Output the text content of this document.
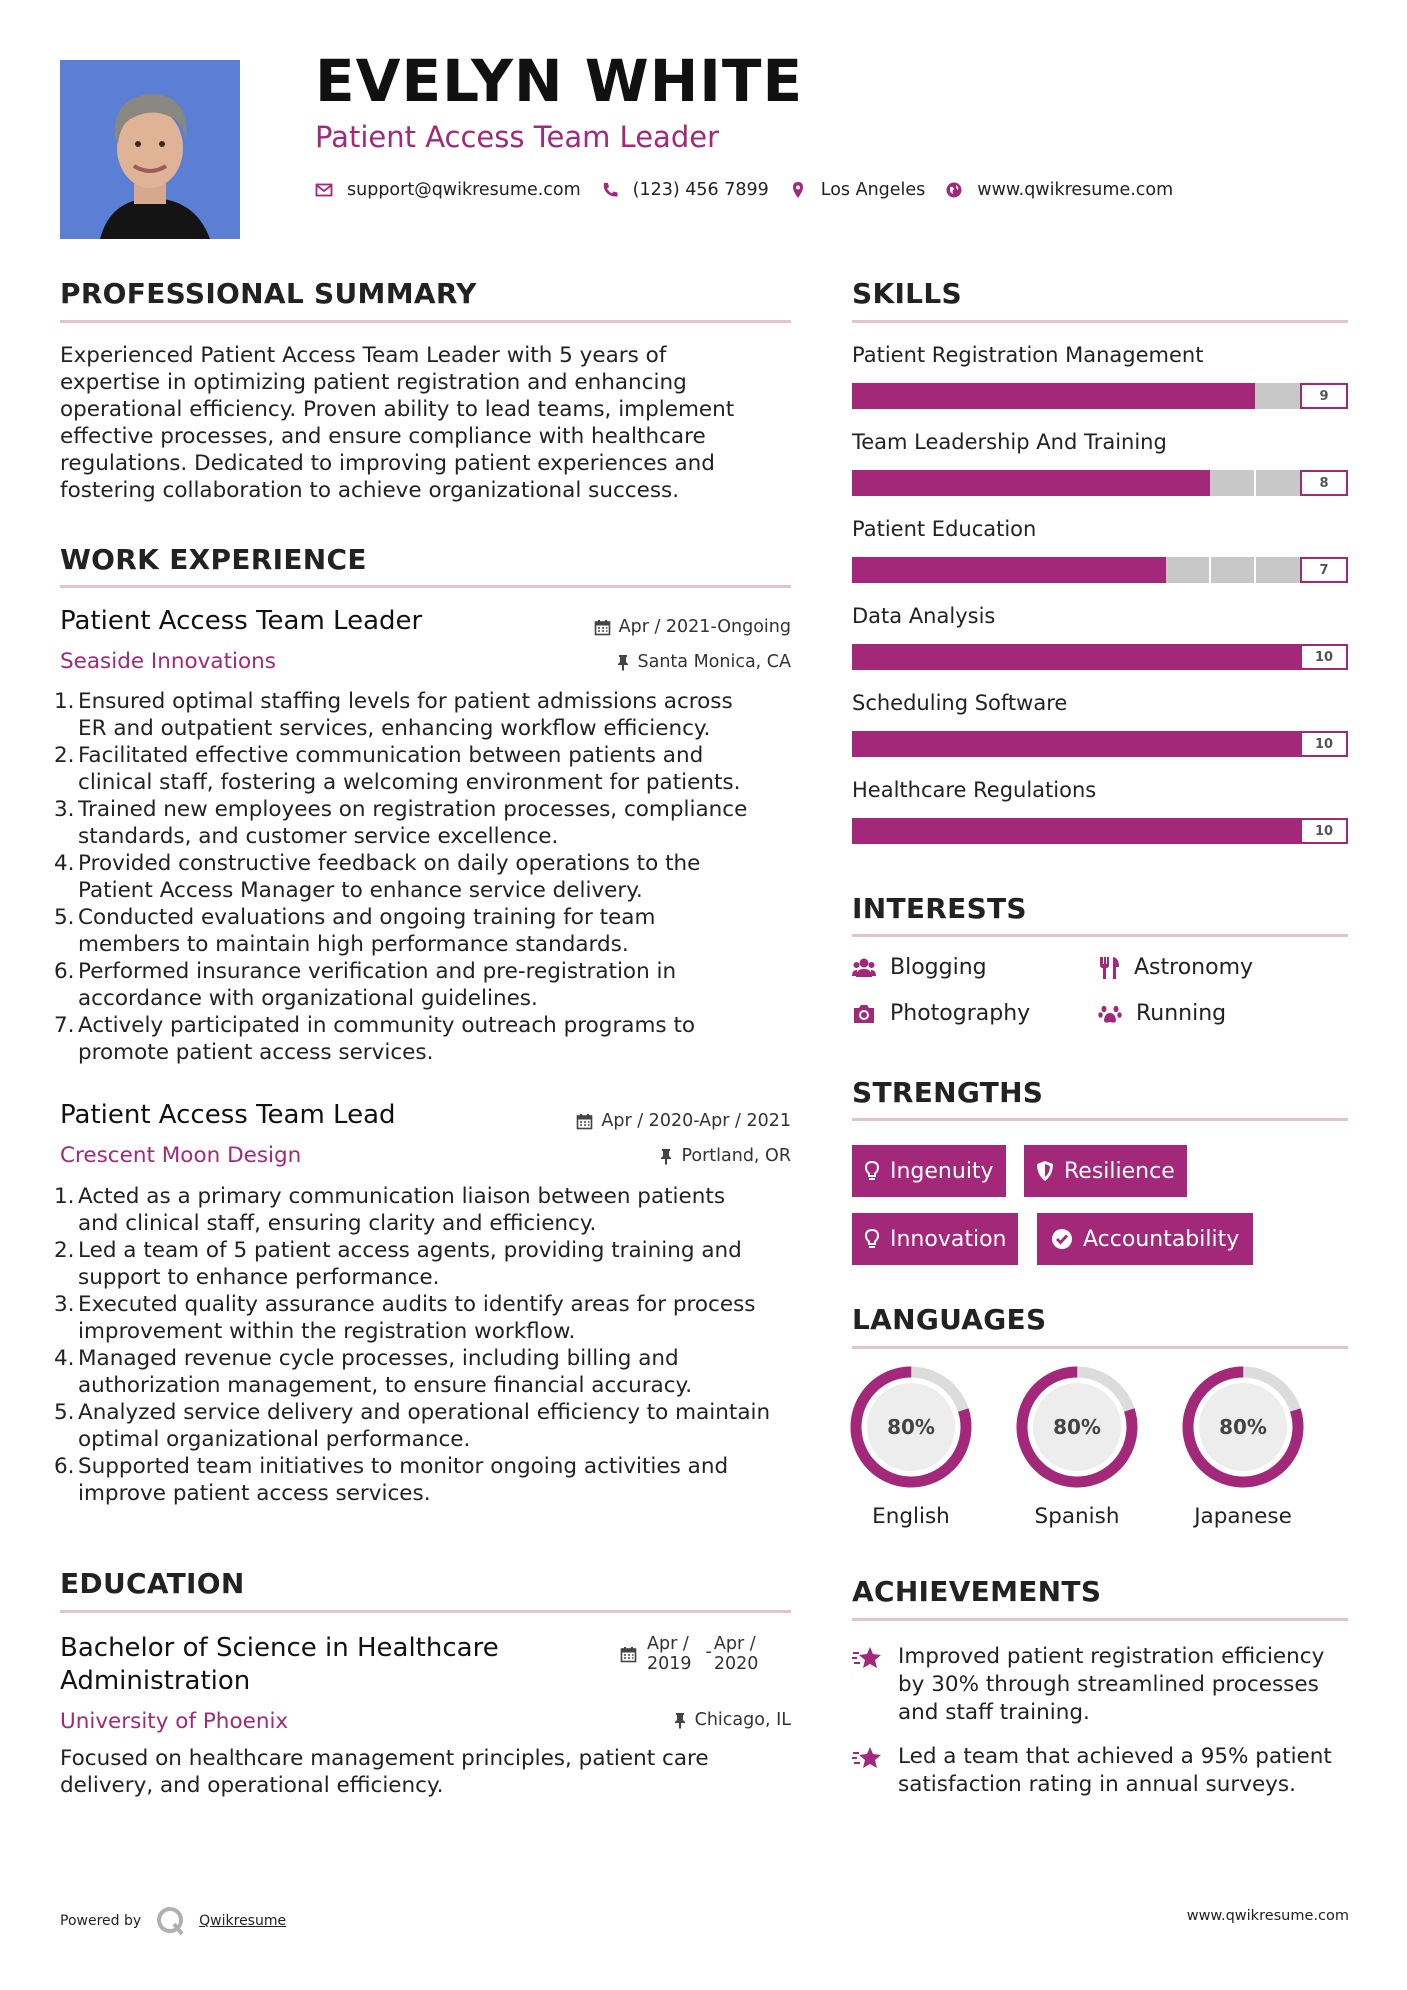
EVELYN WHITE
Patient Access Team Leader
support@qwikresume.com	(123) 456 7899	Los Angeles	www.qwikresume.com
PROFESSIONAL SUMMARY
Experienced Patient Access Team Leader with 5 years of
expertise in optimizing patient registration and enhancing
operational efficiency. Proven ability to lead teams, implement
effective processes, and ensure compliance with healthcare
regulations. Dedicated to improving patient experiences and
fostering collaboration to achieve organizational success.
WORK EXPERIENCE
Patient Access Team Leader	Apr / 2021-Ongoing
Seaside Innovations	Santa Monica, CA
1. Ensured optimal staffing levels for patient admissions across
ER and outpatient services, enhancing workflow efficiency.
2. Facilitated effective communication between patients and
clinical staff, fostering a welcoming environment for patients.
3. Trained new employees on registration processes, compliance
standards, and customer service excellence.
4. Provided constructive feedback on daily operations to the
Patient Access Manager to enhance service delivery.
5. Conducted evaluations and ongoing training for team
members to maintain high performance standards.
6. Performed insurance verification and pre-registration in
accordance with organizational guidelines.
7. Actively participated in community outreach programs to
promote patient access services.
Patient Access Team Lead	Apr / 2020-Apr / 2021
Crescent Moon Design	Portland, OR
1. Acted as a primary communication liaison between patients
and clinical staff, ensuring clarity and efficiency.
2. Led a team of 5 patient access agents, providing training and
support to enhance performance.
3. Executed quality assurance audits to identify areas for process
improvement within the registration workflow.
4. Managed revenue cycle processes, including billing and
authorization management, to ensure financial accuracy.
5. Analyzed service delivery and operational efficiency to maintain
optimal organizational performance.
6. Supported team initiatives to monitor ongoing activities and
improve patient access services.
EDUCATION
Bachelor of Science in Healthcare
Administration
Apr /
2019
- Apr /
2020
University of Phoenix	Chicago, IL
Focused on healthcare management principles, patient care
delivery, and operational efficiency.
SKILLS
Patient Registration Management
9
Team Leadership And Training
8
Patient Education
7
Data Analysis
10
Scheduling Software
10
Healthcare Regulations
10
INTERESTS
Blogging	Astronomy
Photography	Running
STRENGTHS
Ingenuity	Resilience
Innovation	Accountability
LANGUAGES
80%
English
80%
Spanish
80%
Japanese
ACHIEVEMENTS
Improved patient registration efficiency
by 30% through streamlined processes
and staff training.
Led a team that achieved a 95% patient
satisfaction rating in annual surveys.
Powered by	Qwikresume	www.qwikresume.com
